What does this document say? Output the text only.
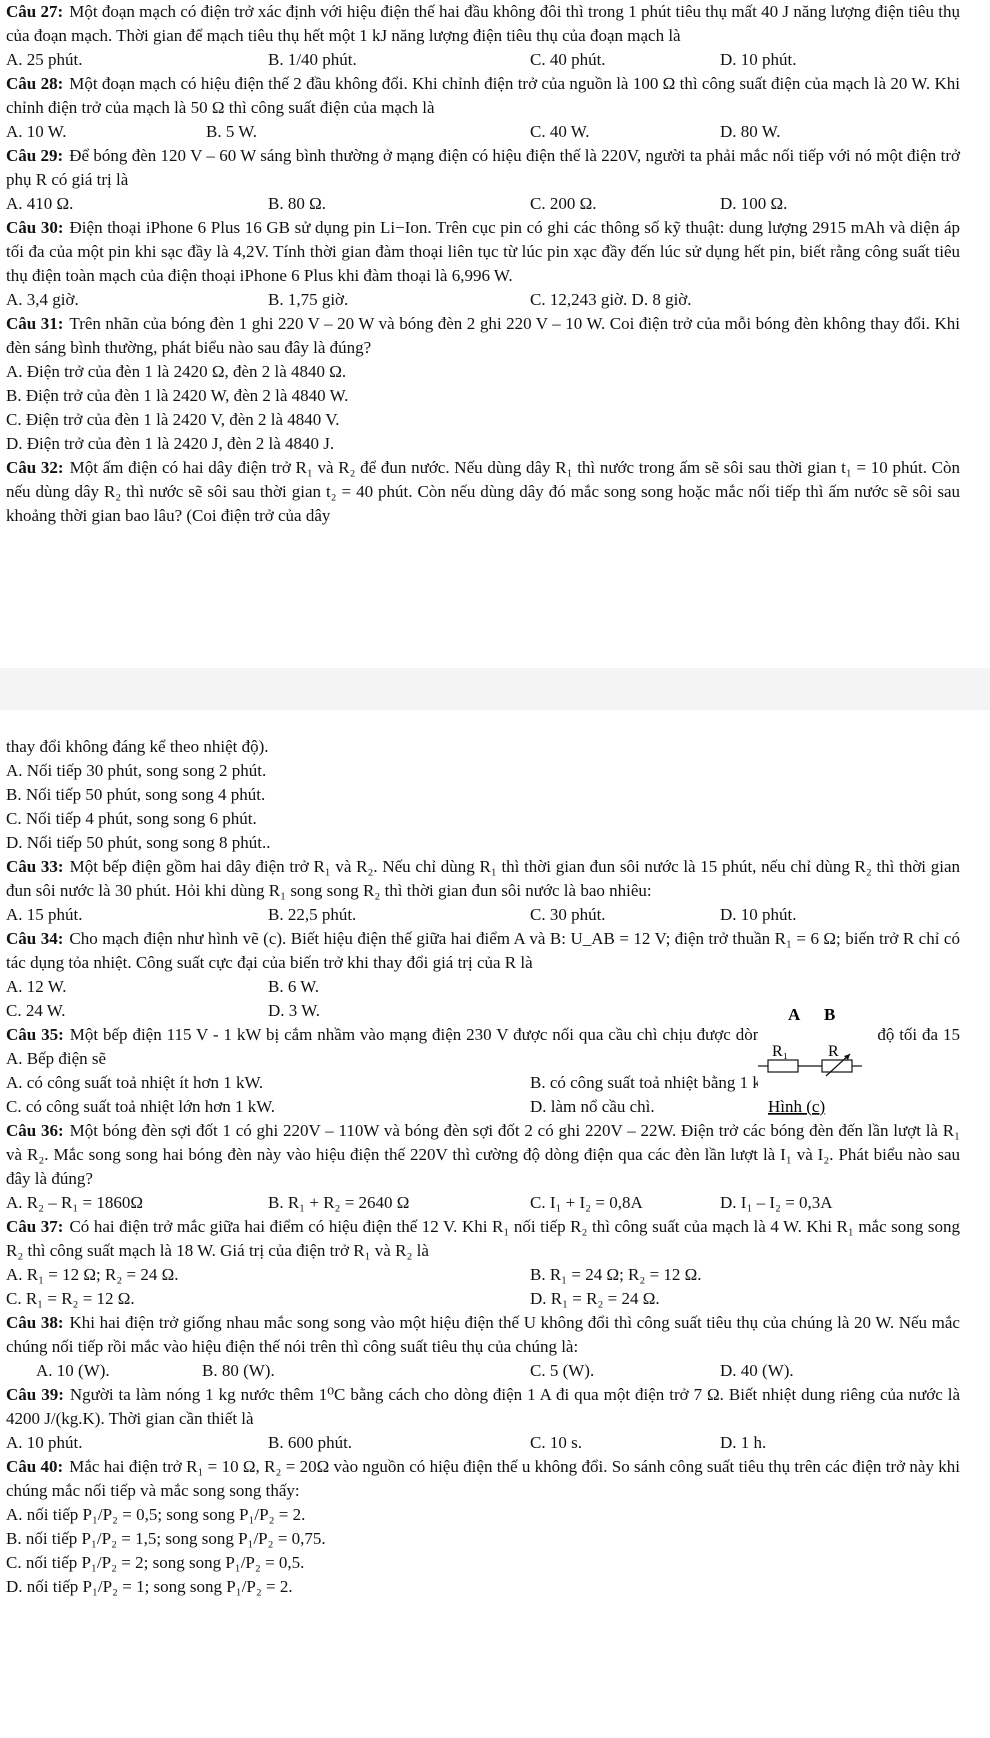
Câu 27: Một đoạn mạch có điện trở xác định với hiệu điện thế hai đầu không đôi thì trong 1 phút tiêu thụ mất 40 J năng lượng điện tiêu thụ của đoạn mạch. Thời gian để mạch tiêu thụ hết một 1 kJ năng lượng điện tiêu thụ của đoạn mạch là

A. 25 phút.	B. 1/40 phút.	C. 40 phút.	D. 10 phút.

Câu 28: Một đoạn mạch có hiệu điện thế 2 đầu không đổi. Khi chỉnh điện trở của nguồn là 100 Ω thì công suất điện của mạch là 20 W. Khi chỉnh điện trở của mạch là 50 Ω thì công suất điện của mạch là

A. 10 W.	B. 5 W.	C. 40 W.	D. 80 W.

Câu 29: Để bóng đèn 120 V – 60 W sáng bình thường ở mạng điện có hiệu điện thế là 220V, người ta phải mắc nối tiếp với nó một điện trở phụ R có giá trị là

A. 410 Ω.	B. 80 Ω.	C. 200 Ω.	D. 100 Ω.

Câu 30: Điện thoại iPhone 6 Plus 16 GB sử dụng pin Li−Ion. Trên cục pin có ghi các thông số kỹ thuật: dung lượng 2915 mAh và diện áp tối đa của một pin khi sạc đầy là 4,2V. Tính thời gian đàm thoại liên tục từ lúc pin xạc đầy đến lúc sử dụng hết pin, biết rằng công suất tiêu thụ điện toàn mạch của điện thoại iPhone 6 Plus khi đàm thoại là 6,996 W.

A. 3,4 giờ.	B. 1,75 giờ.	C. 12,243 giờ. D. 8 giờ.

Câu 31: Trên nhãn của bóng đèn 1 ghi 220 V – 20 W và bóng đèn 2 ghi 220 V – 10 W. Coi điện trở của mỗi bóng đèn không thay đổi. Khi đèn sáng bình thường, phát biểu nào sau đây là đúng?

A. Điện trở của đèn 1 là 2420 Ω, đèn 2 là 4840 Ω.
B. Điện trở của đèn 1 là 2420 W, đèn 2 là 4840 W.
C. Điện trở của đèn 1 là 2420 V, đèn 2 là 4840 V.
D. Điện trở của đèn 1 là 2420 J, đèn 2 là 4840 J.

Câu 32: Một ấm điện có hai dây điện trở R₁ và R₂ để đun nước. Nếu dùng dây R₁ thì nước trong ấm sẽ sôi sau thời gian t₁ = 10 phút. Còn nếu dùng dây R₂ thì nước sẽ sôi sau thời gian t₂ = 40 phút. Còn nếu dùng dây đó mắc song song hoặc mắc nối tiếp thì ấm nước sẽ sôi sau khoảng thời gian bao lâu? (Coi điện trở của dây

thay đổi không đáng kể theo nhiệt độ).

A. Nối tiếp 30 phút, song song 2 phút.
B. Nối tiếp 50 phút, song song 4 phút.
C. Nối tiếp 4 phút, song song 6 phút.
D. Nối tiếp 50 phút, song song 8 phút..

Câu 33: Một bếp điện gồm hai dây điện trở R₁ và R₂. Nếu chỉ dùng R₁ thì thời gian đun sôi nước là 15 phút, nếu chỉ dùng R₂ thì thời gian đun sôi nước là 30 phút. Hỏi khi dùng R₁ song song R₂ thì thời gian đun sôi nước là bao nhiêu:

A. 15 phút.	B. 22,5 phút.	C. 30 phút.	D. 10 phút.

Câu 34: Cho mạch điện như hình vẽ (c). Biết hiệu điện thế giữa hai điểm A và B: U_AB = 12 V; điện trở thuần R₁ = 6 Ω; biến trở R chỉ có tác dụng tỏa nhiệt. Công suất cực đại của biến trở khi thay đổi giá trị của R là

A. 12 W.	B. 6 W.
C. 24 W.	D. 3 W.

Câu 35: Một bếp điện 115 V - 1 kW bị cắm nhầm vào mạng điện 230 V được nối qua cầu chì chịu được dòng điện có cường độ tối đa 15 A. Bếp điện sẽ

A. có công suất toả nhiệt ít hơn 1 kW.	B. có công suất toả nhiệt bằng 1 kW.
C. có công suất toả nhiệt lớn hơn 1 kW.	D. làm nổ cầu chì.

Câu 36: Một bóng đèn sợi đốt 1 có ghi 220V – 110W và bóng đèn sợi đốt 2 có ghi 220V – 22W. Điện trở các bóng đèn đến lần lượt là R₁ và R₂. Mắc song song hai bóng đèn này vào hiệu điện thế 220V thì cường độ dòng điện qua các đèn lần lượt là I₁ và I₂. Phát biểu nào sau đây là đúng?

A. R₂ – R₁ = 1860Ω	B. R₁ + R₂ = 2640 Ω	C. I₁ + I₂ = 0,8A	D. I₁ – I₂ = 0,3A

Câu 37: Có hai điện trở mắc giữa hai điểm có hiệu điện thế 12 V. Khi R₁ nối tiếp R₂ thì công suất của mạch là 4 W. Khi R₁ mắc song song R₂ thì công suất mạch là 18 W. Giá trị của điện trở R₁ và R₂ là

A. R₁ = 12 Ω; R₂ = 24 Ω.	B. R₁ = 24 Ω; R₂ = 12 Ω.
C. R₁ = R₂ = 12 Ω.	D. R₁ = R₂ = 24 Ω.

Câu 38: Khi hai điện trở giống nhau mắc song song vào một hiệu điện thế U không đổi thì công suất tiêu thụ của chúng là 20 W. Nếu mắc chúng nối tiếp rồi mắc vào hiệu điện thế nói trên thì công suất tiêu thụ của chúng là:

A. 10 (W).	B. 80 (W).	C. 5 (W).	D. 40 (W).

Câu 39: Người ta làm nóng 1 kg nước thêm 1⁰C bằng cách cho dòng điện 1 A đi qua một điện trở 7 Ω. Biết nhiệt dung riêng của nước là 4200 J/(kg.K). Thời gian cần thiết là

A. 10 phút.	B. 600 phút.	C. 10 s.	D. 1 h.

Câu 40: Mắc hai điện trở R₁ = 10 Ω, R₂ = 20Ω vào nguồn có hiệu điện thế u không đổi. So sánh công suất tiêu thụ trên các điện trở này khi chúng mắc nối tiếp và mắc song song thấy:

A. nối tiếp P₁/P₂ = 0,5; song song P₁/P₂ = 2.
B. nối tiếp P₁/P₂ = 1,5; song song P₁/P₂ = 0,75.
C. nối tiếp P₁/P₂ = 2; song song P₁/P₂ = 0,5.
D. nối tiếp P₁/P₂ = 1; song song P₁/P₂ = 2.
A B
R₁ R
Hình (c)
